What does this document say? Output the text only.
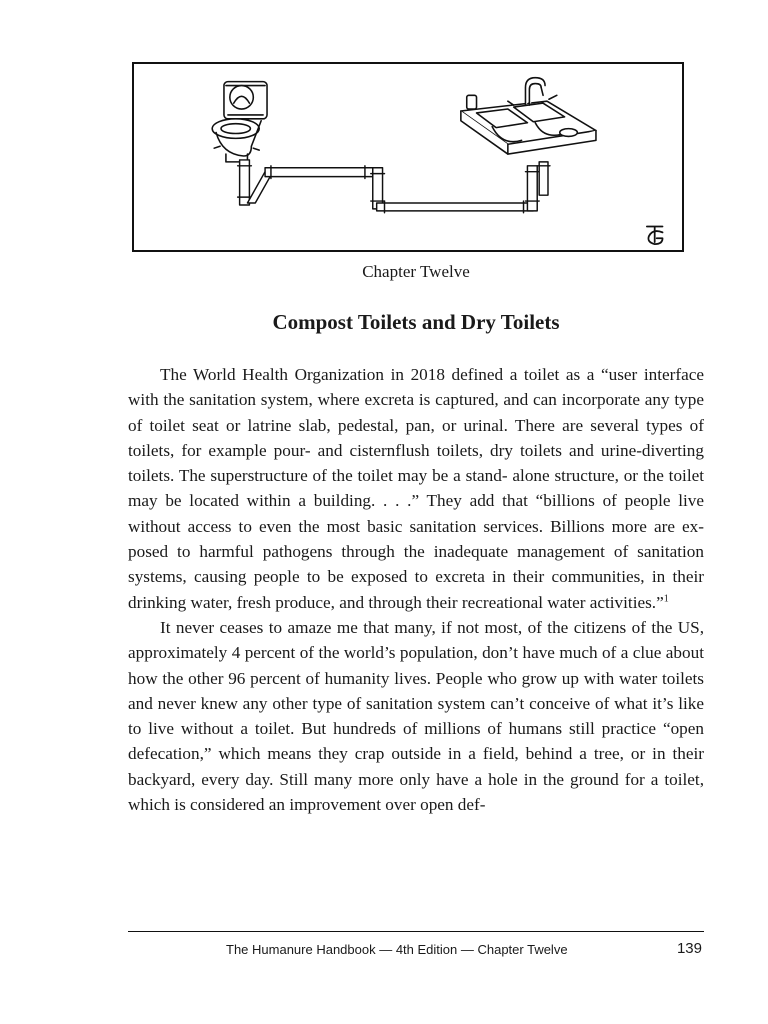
Chapter Twelve
Compost Toilets and Dry Toilets

The World Health Organization in 2018 defined a toilet as a “user interface with the sanitation system, where excreta is captured, and can incorporate any type of toilet seat or latrine slab, pedestal, pan, or urinal. There are several types of toilets, for example pour- and cisternflush toilets, dry toilets and urine-diverting toilets. The superstructure of the toilet may be a stand- alone structure, or the toilet may be located within a building. . . .” They add that “billions of people live without access to even the most basic sanitation services. Billions more are exposed to harmful pathogens through the inadequate management of sanitation systems, causing people to be exposed to excreta in their communities, in their drinking water, fresh produce, and through their recreational water activities.”$^1$

It never ceases to amaze me that many, if not most, of the citizens of the US, approximately 4 percent of the world’s population, don’t have much of a clue about how the other 96 percent of humanity lives. People who grow up with water toilets and never knew any other type of sanitation system can’t conceive of what it’s like to live without a toilet. But hundreds of millions of humans still practice “open defecation,” which means they crap outside in a field, behind a tree, or in their backyard, every day. Still many more only have a hole in the ground for a toilet, which is considered an improvement over open def-

The Humanure Handbook — 4th Edition — Chapter Twelve	139
